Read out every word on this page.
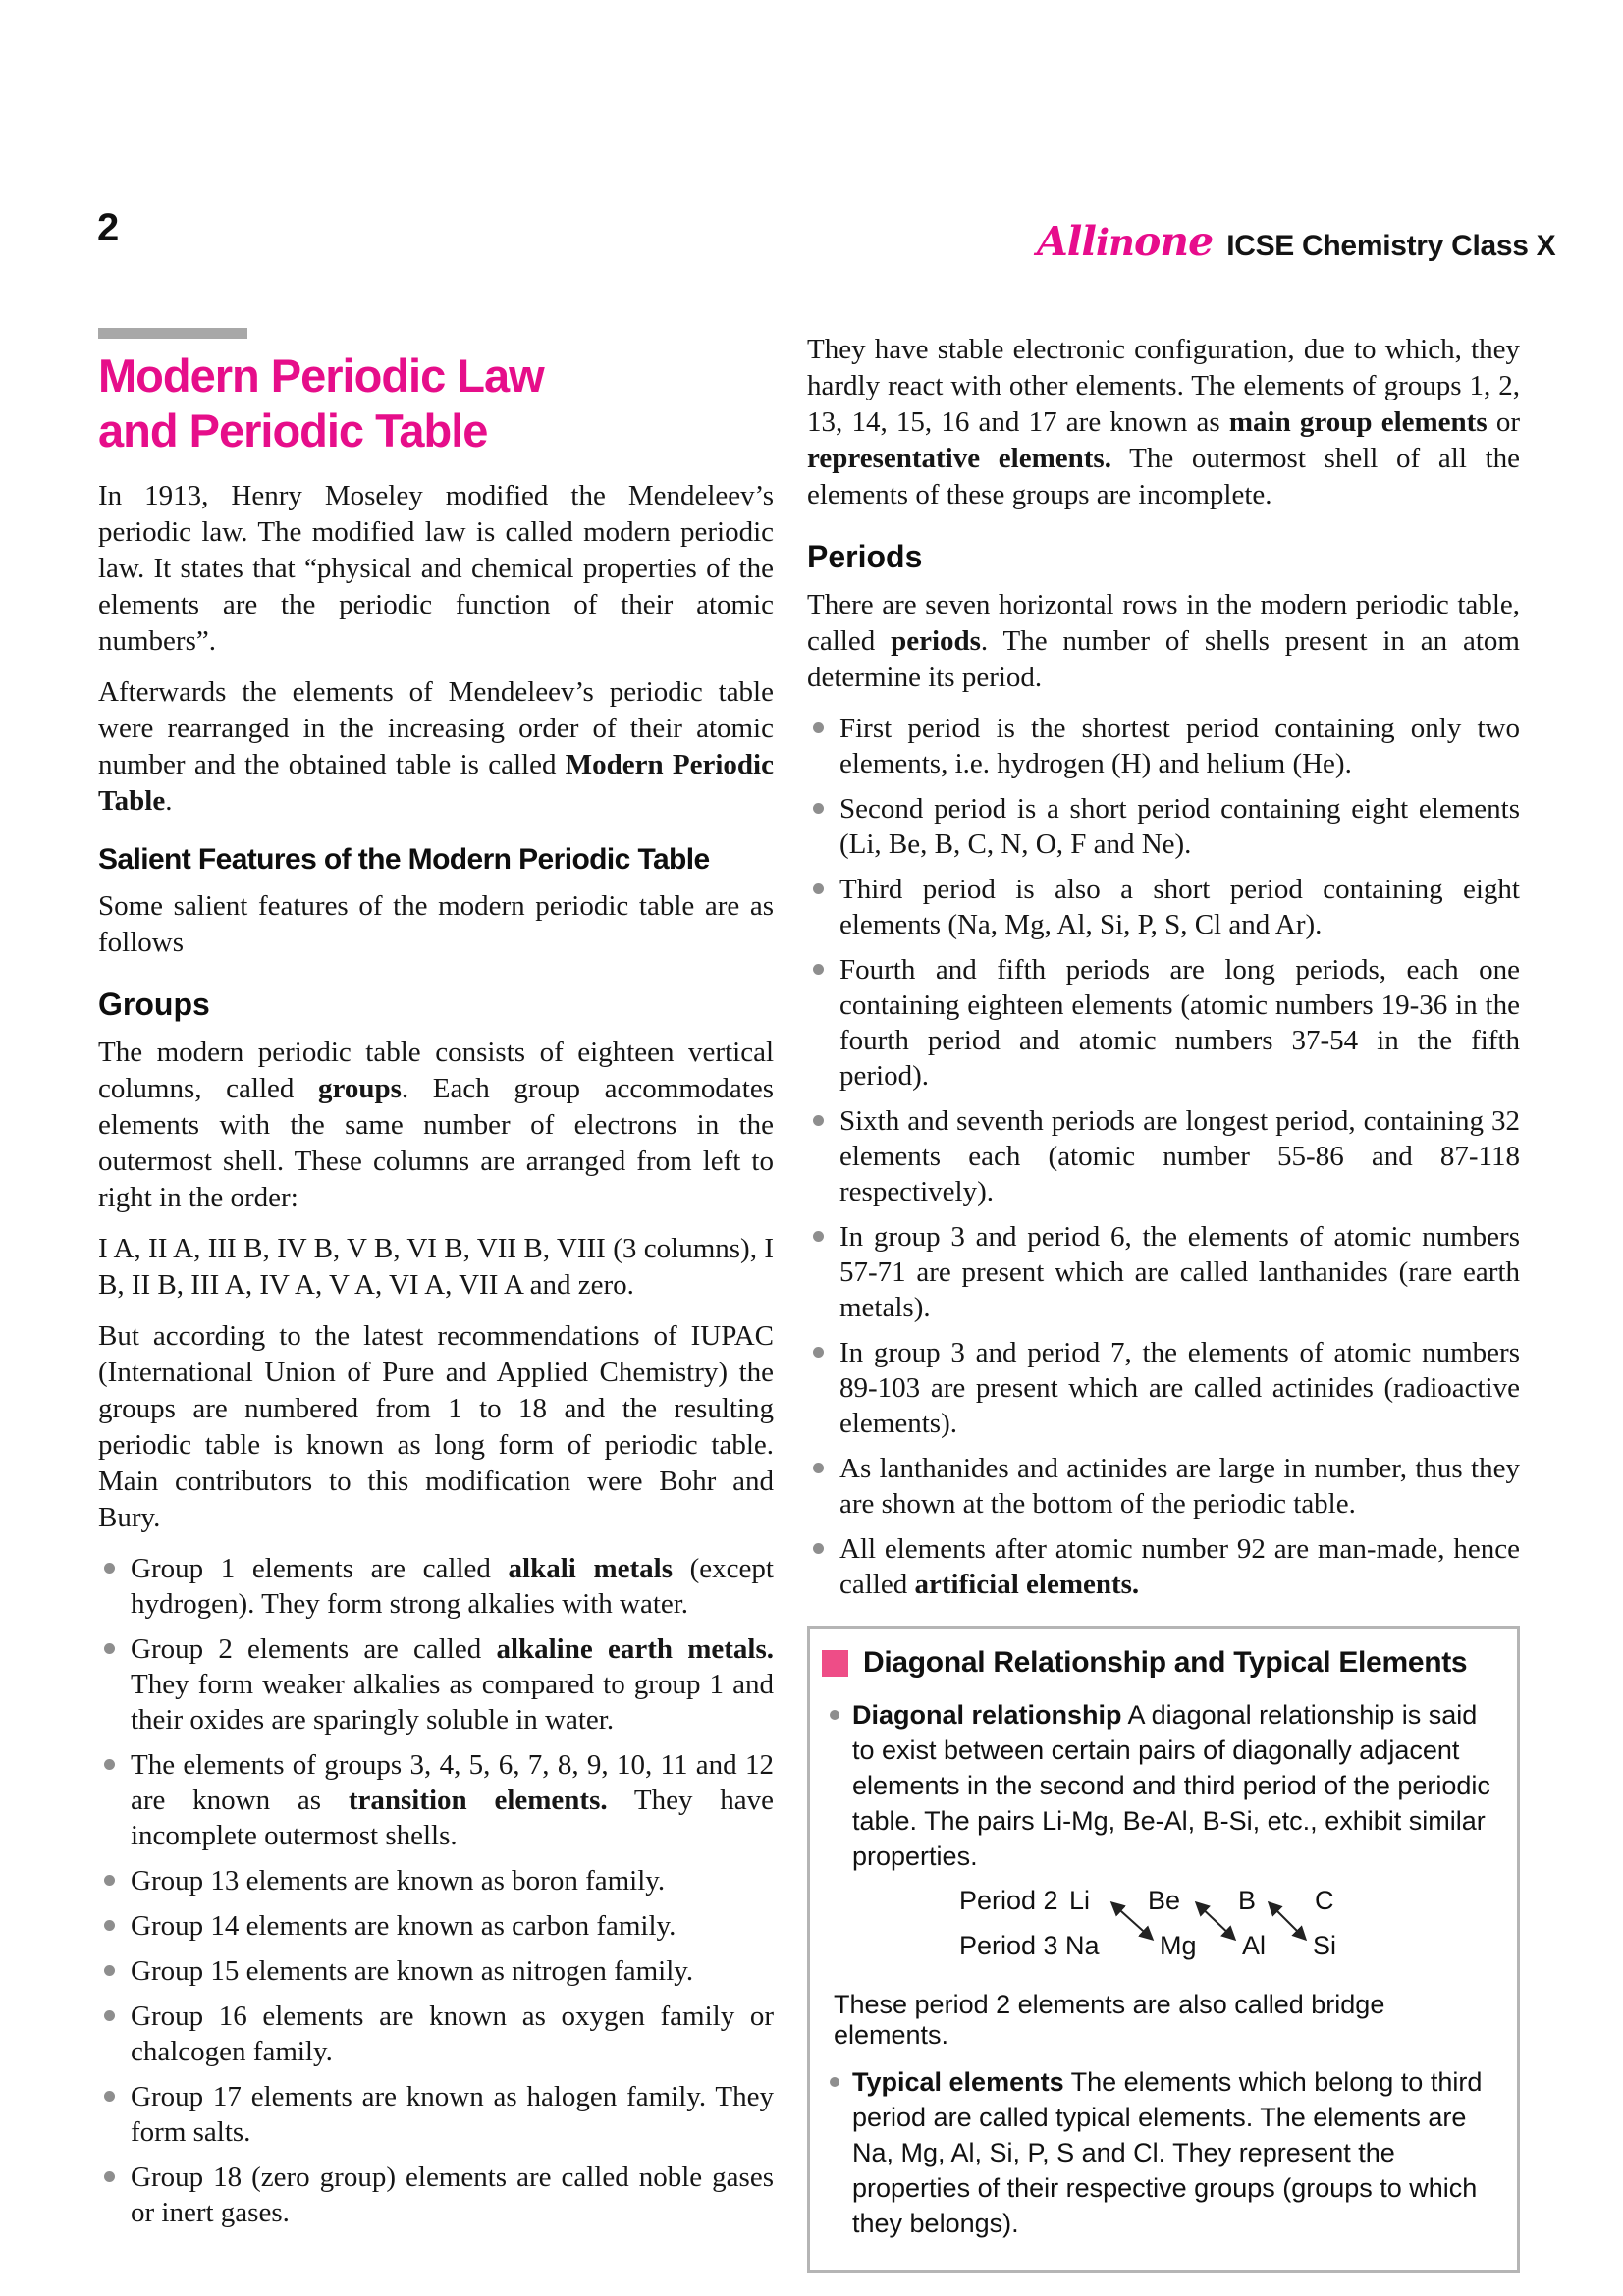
2	Allinone ICSE Chemistry Class X
Modern Periodic Law
and Periodic Table

In 1913, Henry Moseley modified the Mendeleev’s periodic law. The modified law is called modern periodic law. It states that “physical and chemical properties of the elements are the periodic function of their atomic numbers”.

Afterwards the elements of Mendeleev’s periodic table were rearranged in the increasing order of their atomic number and the obtained table is called Modern Periodic Table.

Salient Features of the Modern Periodic Table

Some salient features of the modern periodic table are as follows

Groups

The modern periodic table consists of eighteen vertical columns, called groups. Each group accommodates elements with the same number of electrons in the outermost shell. These columns are arranged from left to right in the order:

I A, II A, III B, IV B, V B, VI B, VII B, VIII (3 columns), I B, II B, III A, IV A, V A, VI A, VII A and zero.

But according to the latest recommendations of IUPAC (International Union of Pure and Applied Chemistry) the groups are numbered from 1 to 18 and the resulting periodic table is known as long form of periodic table. Main contributors to this modification were Bohr and Bury.

Group 1 elements are called alkali metals (except hydrogen). They form strong alkalies with water.
Group 2 elements are called alkaline earth metals. They form weaker alkalies as compared to group 1 and their oxides are sparingly soluble in water.
The elements of groups 3, 4, 5, 6, 7, 8, 9, 10, 11 and 12 are known as transition elements. They have incomplete outermost shells.
Group 13 elements are known as boron family.
Group 14 elements are known as carbon family.
Group 15 elements are known as nitrogen family.
Group 16 elements are known as oxygen family or chalcogen family.
Group 17 elements are known as halogen family. They form salts.
Group 18 (zero group) elements are called noble gases or inert gases.

They have stable electronic configuration, due to which, they hardly react with other elements. The elements of groups 1, 2, 13, 14, 15, 16 and 17 are known as main group elements or representative elements. The outermost shell of all the elements of these groups are incomplete.

Periods

There are seven horizontal rows in the modern periodic table, called periods. The number of shells present in an atom determine its period.

First period is the shortest period containing only two elements, i.e. hydrogen (H) and helium (He).
Second period is a short period containing eight elements (Li, Be, B, C, N, O, F and Ne).
Third period is also a short period containing eight elements (Na, Mg, Al, Si, P, S, Cl and Ar).
Fourth and fifth periods are long periods, each one containing eighteen elements (atomic numbers 19-36 in the fourth period and atomic numbers 37-54 in the fifth period).
Sixth and seventh periods are longest period, containing 32 elements each (atomic number 55-86 and 87-118 respectively).
In group 3 and period 6, the elements of atomic numbers 57-71 are present which are called lanthanides (rare earth metals).
In group 3 and period 7, the elements of atomic numbers 89-103 are present which are called actinides (radioactive elements).
As lanthanides and actinides are large in number, thus they are shown at the bottom of the periodic table.
All elements after atomic number 92 are man-made, hence called artificial elements.
Diagonal Relationship and Typical Elements
Diagonal relationship A diagonal relationship is said to exist between certain pairs of diagonally adjacent elements in the second and third period of the periodic table. The pairs Li-Mg, Be-Al, B-Si, etc., exhibit similar properties.
Period 2 Li Be B C
Period 3 Na Mg Al Si

These period 2 elements are also called bridge elements.

Typical elements The elements which belong to third period are called typical elements. The elements are Na, Mg, Al, Si, P, S and Cl. They represent the properties of their respective groups (groups to which they belongs).
